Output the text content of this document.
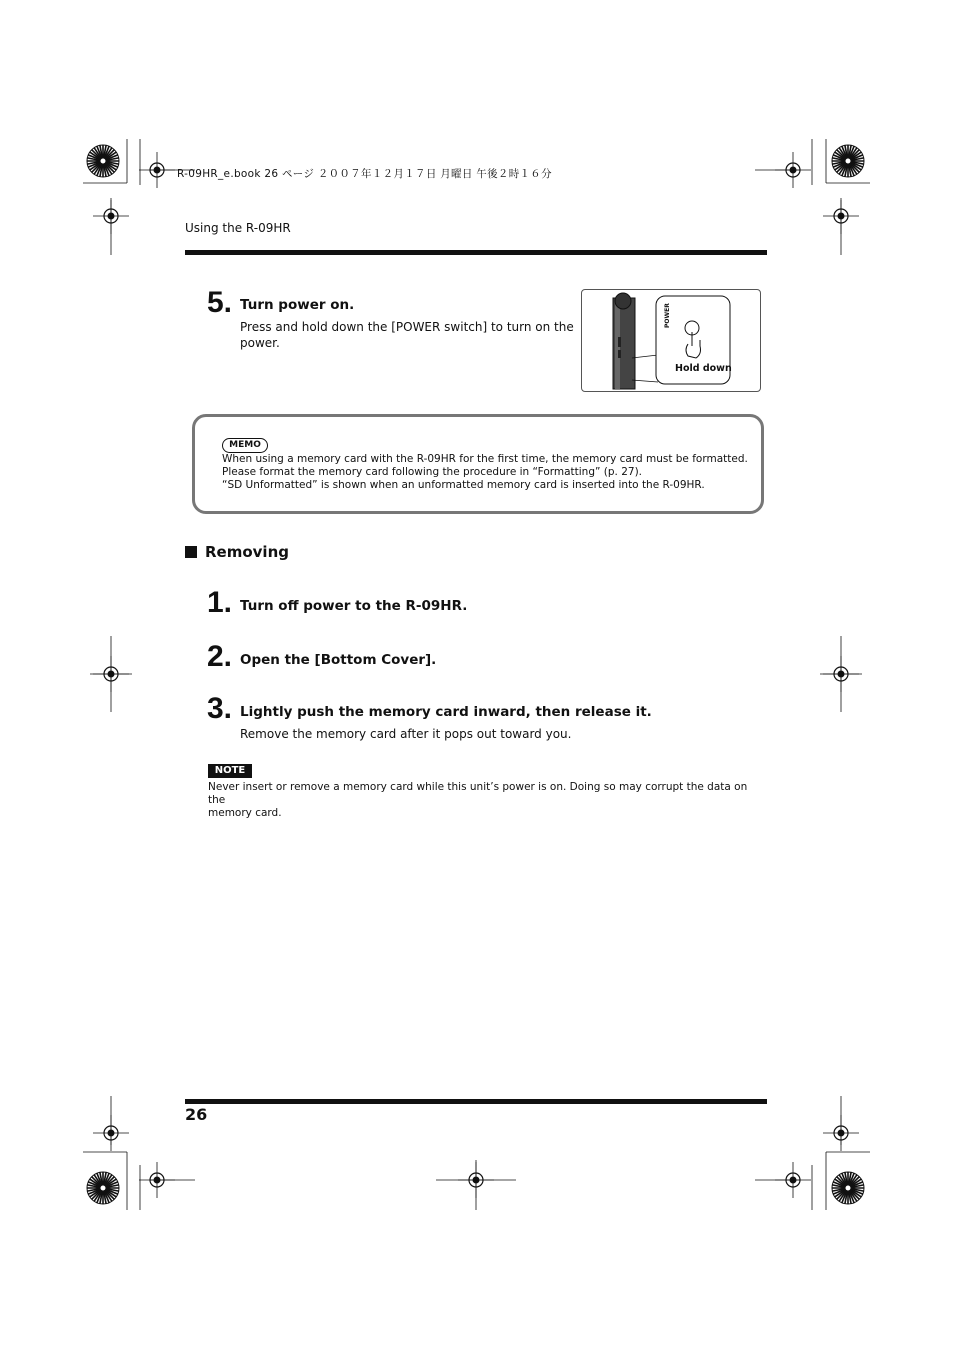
R-09HR_e.book 26 ページ ２００７年１２月１７日 月曜日 午後２時１６分
Using the R-09HR
5. Turn power on.
Press and hold down the [POWER switch] to turn on the
power.
POWER
Hold down
MEMO
When using a memory card with the R-09HR for the first time, the memory card must be formatted.
Please format the memory card following the procedure in “Formatting” (p. 27).
“SD Unformatted” is shown when an unformatted memory card is inserted into the R-09HR.
Removing
1. Turn off power to the R-09HR.
2. Open the [Bottom Cover].
3. Lightly push the memory card inward, then release it.
Remove the memory card after it pops out toward you.
NOTE
Never insert or remove a memory card while this unit’s power is on. Doing so may corrupt the data on the
memory card.
26
